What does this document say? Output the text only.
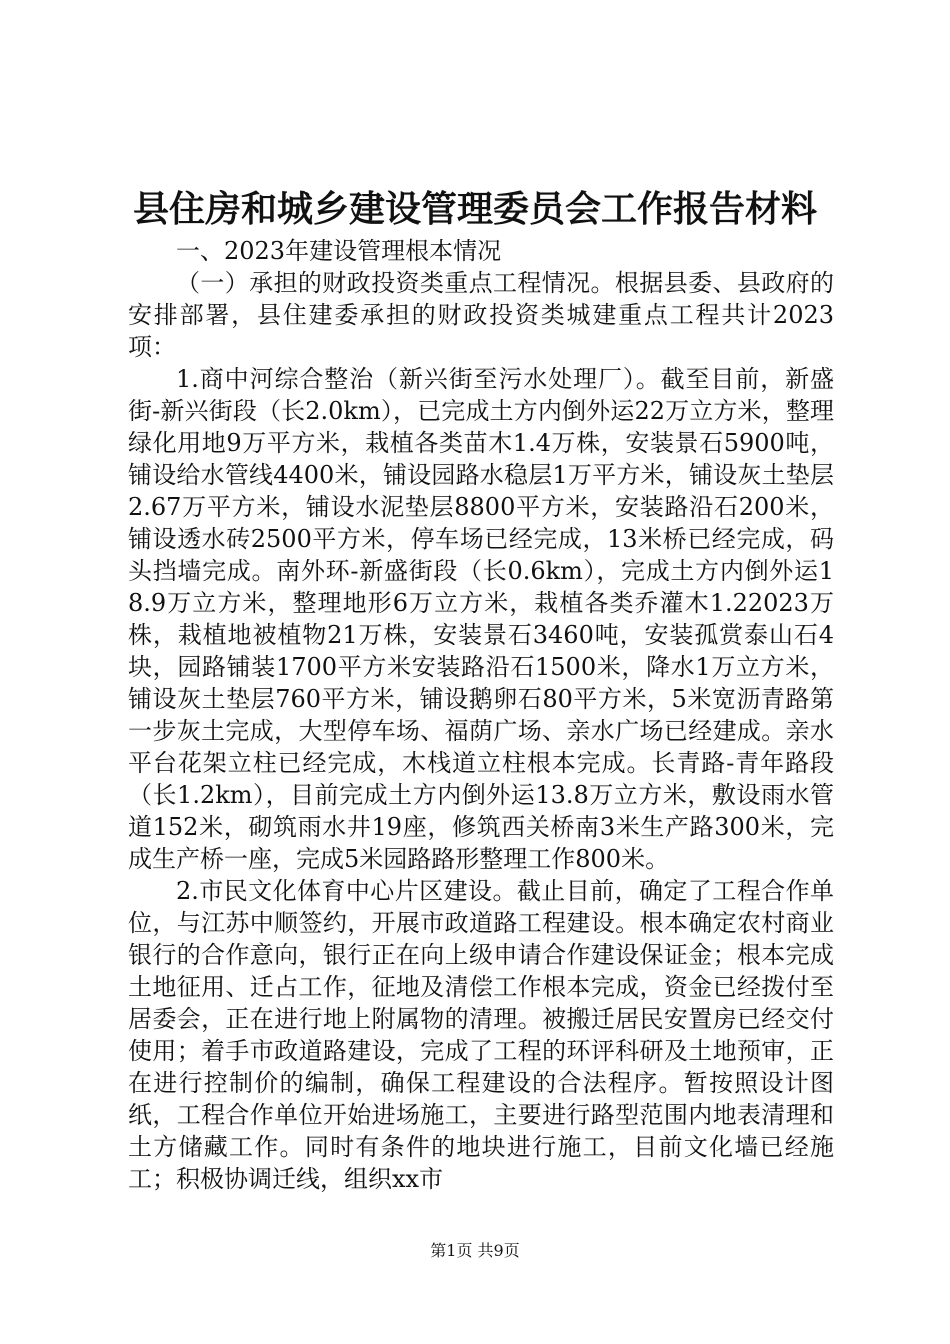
县住房和城乡建设管理委员会工作报告材料

一、2023年建设管理根本情况

（一）承担的财政投资类重点工程情况。根据县委、县政府的安排部署，县住建委承担的财政投资类城建重点工程共计2023项：

1.商中河综合整治（新兴街至污水处理厂）。截至目前，新盛街-新兴街段（长2.0km），已完成土方内倒外运22万立方米，整理绿化用地9万平方米，栽植各类苗木1.4万株，安装景石5900吨，铺设给水管线4400米，铺设园路水稳层1万平方米，铺设灰土垫层2.67万平方米，铺设水泥垫层8800平方米，安装路沿石200米，铺设透水砖2500平方米，停车场已经完成，13米桥已经完成，码头挡墙完成。南外环-新盛街段（长0.6km），完成土方内倒外运18.9万立方米，整理地形6万立方米，栽植各类乔灌木1.22023万株，栽植地被植物21万株，安装景石3460吨，安装孤赏泰山石4块，园路铺装1700平方米安装路沿石1500米，降水1万立方米，铺设灰土垫层760平方米，铺设鹅卵石80平方米，5米宽沥青路第一步灰土完成，大型停车场、福荫广场、亲水广场已经建成。亲水平台花架立柱已经完成，木栈道立柱根本完成。长青路-青年路段（长1.2km），目前完成土方内倒外运13.8万立方米，敷设雨水管道152米，砌筑雨水井19座，修筑西关桥南3米生产路300米，完成生产桥一座，完成5米园路路形整理工作800米。

2.市民文化体育中心片区建设。截止目前，确定了工程合作单位，与江苏中顺签约，开展市政道路工程建设。根本确定农村商业银行的合作意向，银行正在向上级申请合作建设保证金；根本完成土地征用、迁占工作，征地及清偿工作根本完成，资金已经拨付至居委会，正在进行地上附属物的清理。被搬迁居民安置房已经交付使用；着手市政道路建设，完成了工程的环评科研及土地预审，正在进行控制价的编制，确保工程建设的合法程序。暂按照设计图纸，工程合作单位开始进场施工，主要进行路型范围内地表清理和土方储藏工作。同时有条件的地块进行施工，目前文化墙已经施工；积极协调迁线，组织xx市

第1页 共9页
